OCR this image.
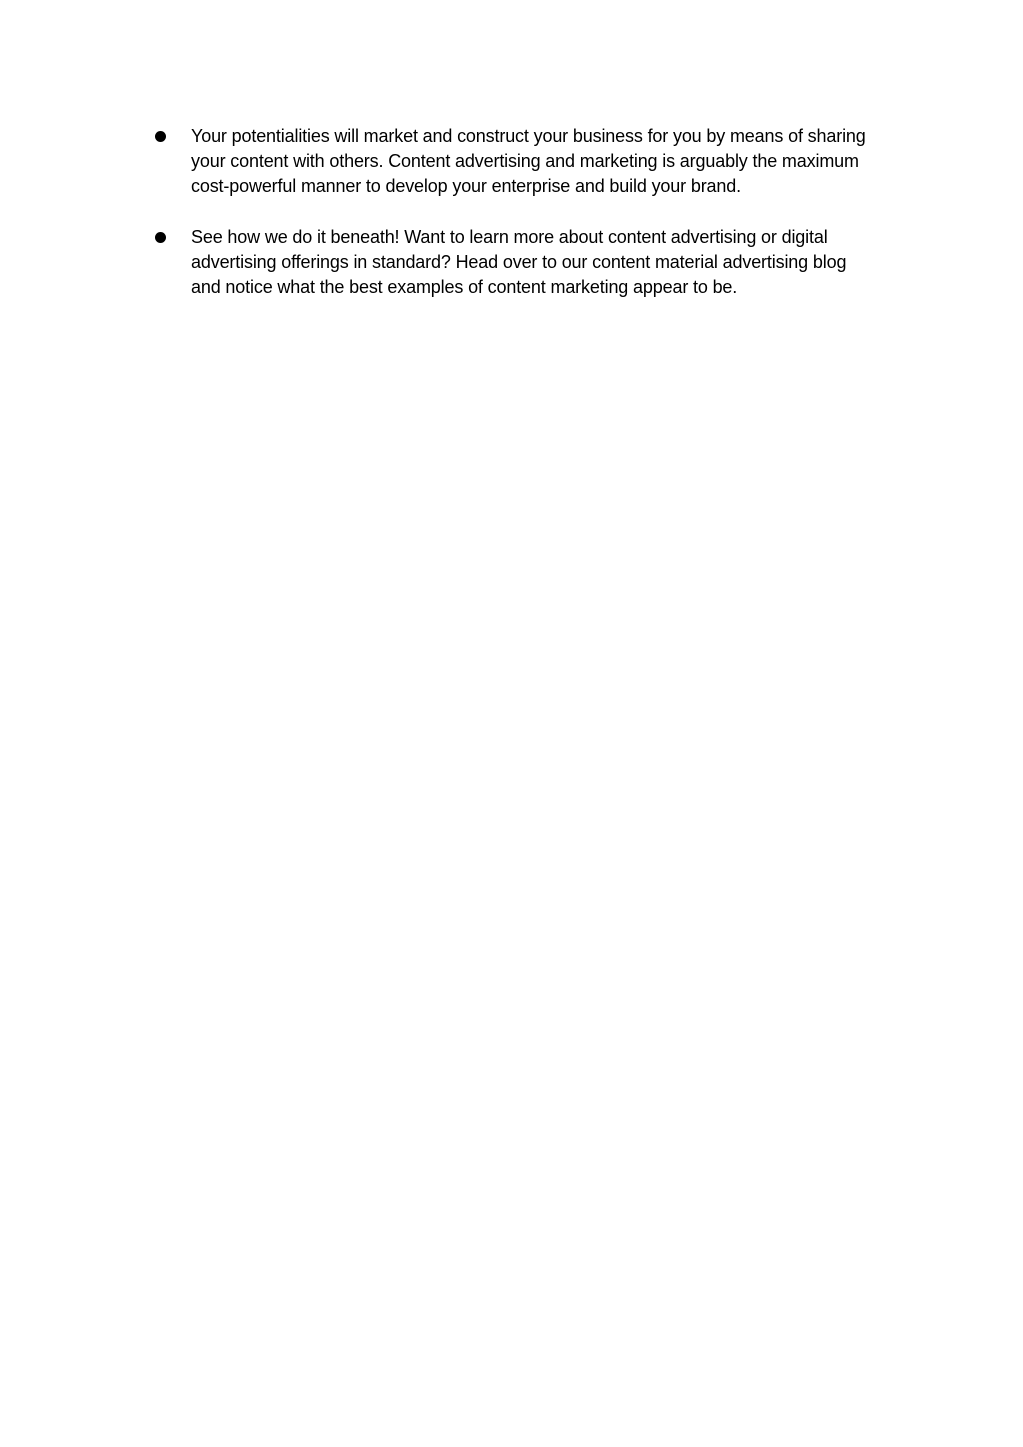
Your potentialities will market and construct your business for you by means of sharing your content with others. Content advertising and marketing is arguably the maximum cost-powerful manner to develop your enterprise and build your brand.
See how we do it beneath! Want to learn more about content advertising or digital advertising offerings in standard? Head over to our content material advertising blog and notice what the best examples of content marketing appear to be.
